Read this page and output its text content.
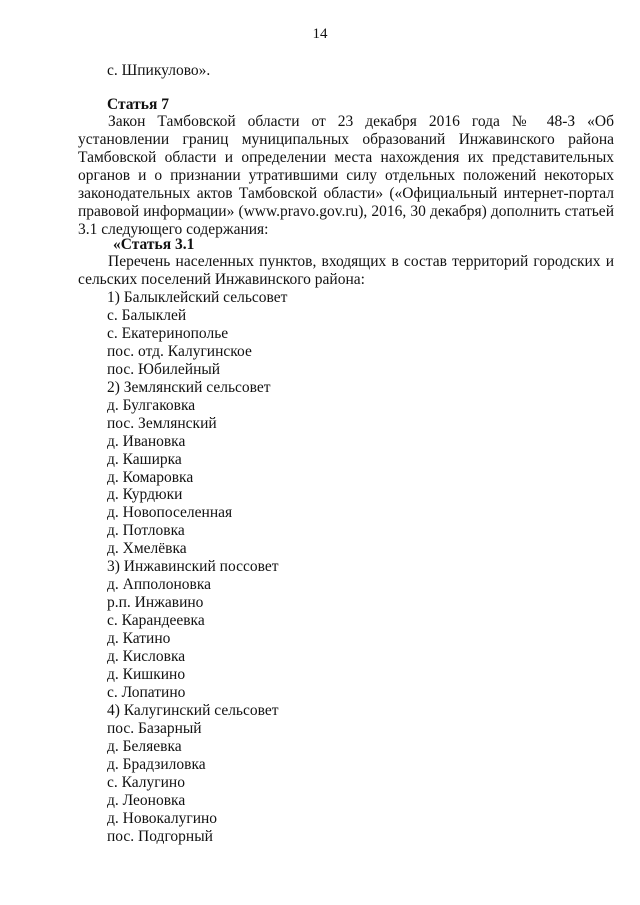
14
с. Шпикулово».
Статья 7

Закон Тамбовской области от 23 декабря 2016 года № 48-З «Об установлении границ муниципальных образований Инжавинского района Тамбовской области и определении места нахождения их представительных органов и о признании утратившими силу отдельных положений некоторых законодательных актов Тамбовской области» («Официальный интернет-портал правовой информации» (www.pravo.gov.ru), 2016, 30 декабря) дополнить статьей 3.1 следующего содержания:

«Статья 3.1

Перечень населенных пунктов, входящих в состав территорий городских и сельских поселений Инжавинского района:

1) Балыклейский сельсовет
с. Балыклей
с. Екатеринополье
пос. отд. Калугинское
пос. Юбилейный
2) Землянский сельсовет
д. Булгаковка
пос. Землянский
д. Ивановка
д. Каширка
д. Комаровка
д. Курдюки
д. Новопоселенная
д. Потловка
д. Хмелёвка
3) Инжавинский поссовет
д. Апполоновка
р.п. Инжавино
с. Карандеевка
д. Катино
д. Кисловка
д. Кишкино
с. Лопатино
4) Калугинский сельсовет
пос. Базарный
д. Беляевка
д. Брадзиловка
с. Калугино
д. Леоновка
д. Новокалугино
пос. Подгорный
